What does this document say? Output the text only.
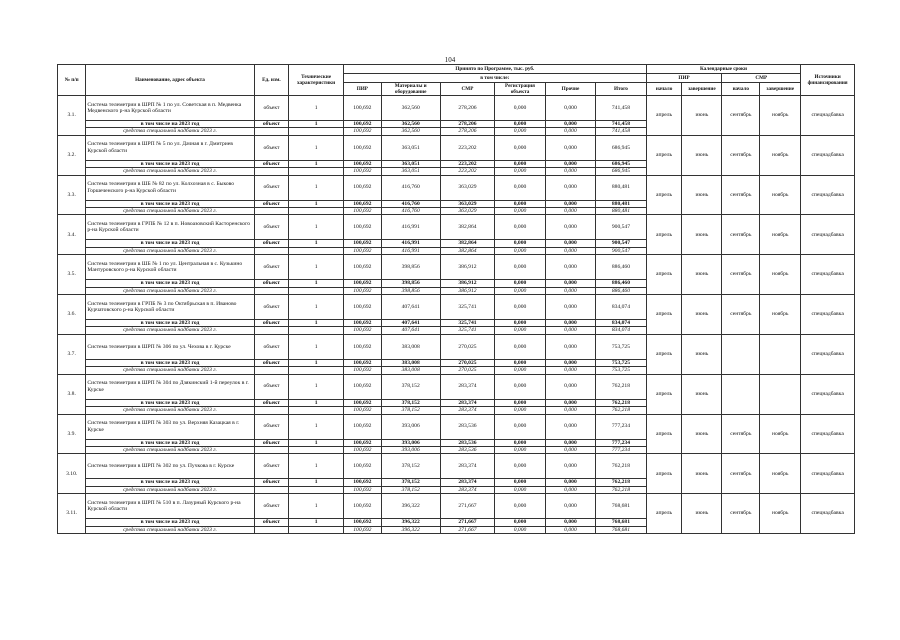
104
№ п/п	Наименование, адрес объекта	Ед. изм.	Технические характеристики	Принято по Программе, тыс. руб.						Календарные сроки				Источники финансирования
				в том числе:						ПИР		СМР		
				ПИР	Материалы и оборудование	СМР	Регистрация объекта	Прочие	Итого	начало	завершение	начало	завершение	
3.1.	Система телеметрии в ШРП № 1 по ул. Советская в п. Медвенка Медвенского р-на Курской области	объект	1	100,692	362,560	278,206	0,000	0,000	741,458	апрель	июнь	сентябрь	ноябрь	спецнадбавка
	в том числе на 2023 год	объект	1	100,692	362,560	278,206	0,000	0,000	741,458					
	средства специальной надбавки 2023 г.			100,692	362,560	278,206	0,000	0,000	741,458					
3.2.	Система телеметрии в ШРП № 5 по ул. Дачная в г. Дмитриев Курской области	объект	1	100,692	363,051	223,202	0,000	0,000	686,945	апрель	июнь	сентябрь	ноябрь	спецнадбавка
	в том числе на 2023 год	объект	1	100,692	363,051	223,202	0,000	0,000	686,945					
	средства специальной надбавки 2023 г.			100,692	363,051	223,202	0,000	0,000	686,945					
3.3.	Система телеметрии в ШБ № 82 по ул. Колхозная в с. Быково Горшеченского р-на Курской области	объект	1	100,692	416,760	363,029	0,000	0,000	880,481	апрель	июнь	сентябрь	ноябрь	спецнадбавка
	в том числе на 2023 год	объект	1	100,692	416,760	363,029	0,000	0,000	880,481					
	средства специальной надбавки 2023 г.			100,692	416,760	363,029	0,000	0,000	880,481					
3.4.	Система телеметрии в ГРПБ № 12 в п. Новоазовский Касторенского р-на Курской области	объект	1	100,692	416,991	382,864	0,000	0,000	900,547	апрель	июнь	сентябрь	ноябрь	спецнадбавка
	в том числе на 2023 год	объект	1	100,692	416,991	382,864	0,000	0,000	900,547					
	средства специальной надбавки 2023 г.			100,692	416,991	382,864	0,000	0,000	900,547					
3.5.	Система телеметрии в ШБ № 1 по ул. Центральная в с. Кузькино Мантуровского р-на Курской области	объект	1	100,692	398,856	386,912	0,000	0,000	886,460	апрель	июнь	сентябрь	ноябрь	спецнадбавка
	в том числе на 2023 год	объект	1	100,692	398,856	386,912	0,000	0,000	886,460					
	средства специальной надбавки 2023 г.			100,692	398,856	386,912	0,000	0,000	886,460					
3.6.	Система телеметрии в ГРПБ № 3 по Октябрьская в п. Иваново Курчатовского р-на Курской области	объект	1	100,692	407,641	325,741	0,000	0,000	834,074	апрель	июнь	сентябрь	ноябрь	спецнадбавка
	в том числе на 2023 год	объект	1	100,692	407,641	325,741	0,000	0,000	834,074					
	средства специальной надбавки 2023 г.			100,692	407,641	325,741	0,000	0,000	834,074					
3.7.	Система телеметрии в ШРП № 306 по ул. Чехова в г. Курске	объект	1	100,692	383,008	270,025	0,000	0,000	753,725	апрель	июнь			спецнадбавка
	в том числе на 2023 год	объект	1	100,692	383,008	270,025	0,000	0,000	753,725					
	средства специальной надбавки 2023 г.			100,692	383,008	270,025	0,000	0,000	753,725					
3.8.	Система телеметрии в ШРП № 304 по Дзякинский 1-й переулок в г. Курске	объект	1	100,692	378,152	283,374	0,000	0,000	762,218	апрель	июнь			спецнадбавка
	в том числе на 2023 год	объект	1	100,692	378,152	283,374	0,000	0,000	762,218					
	средства специальной надбавки 2023 г.			100,692	378,152	283,374	0,000	0,000	762,218					
3.9.	Система телеметрии в ШРП № 303 по ул. Верхняя Казацкая в г. Курске	объект	1	100,692	393,006	283,536	0,000	0,000	777,234	апрель	июнь	сентябрь	ноябрь	спецнадбавка
	в том числе на 2023 год	объект	1	100,692	393,006	283,536	0,000	0,000	777,234					
	средства специальной надбавки 2023 г.			100,692	393,006	283,536	0,000	0,000	777,234					
3.10.	Система телеметрии в ШРП № 302 по ул. Пучкова в г. Курске	объект	1	100,692	378,152	283,374	0,000	0,000	762,218	апрель	июнь	сентябрь	ноябрь	спецнадбавка
	в том числе на 2023 год	объект	1	100,692	378,152	283,374	0,000	0,000	762,218					
	средства специальной надбавки 2023 г.			100,692	378,152	283,374	0,000	0,000	762,218					
3.11.	Система телеметрии в ШРП № 510 в п. Лазурный Курского р-на Курской области	объект	1	100,692	396,322	271,667	0,000	0,000	768,681	апрель	июнь	сентябрь	ноябрь	спецнадбавка
	в том числе на 2023 год	объект	1	100,692	396,322	271,667	0,000	0,000	768,681					
	средства специальной надбавки 2023 г.			100,692	396,322	271,667	0,000	0,000	768,681					
